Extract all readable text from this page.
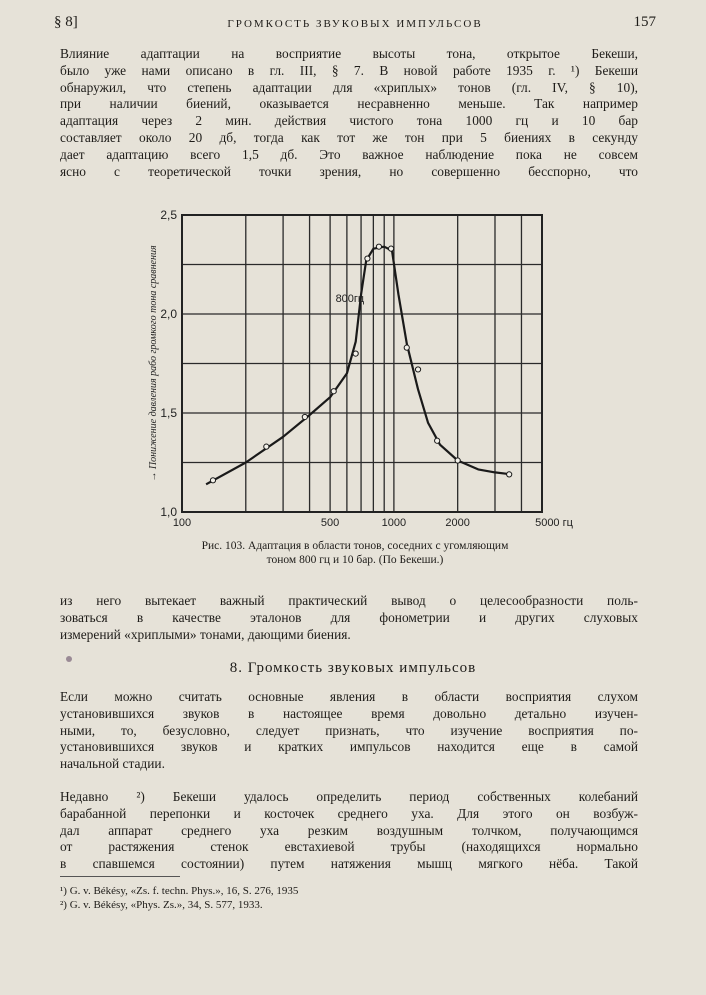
§ 8]	ГРОМКОСТЬ ЗВУКОВЫХ ИМПУЛЬСОВ	157
Влияние адаптации на восприятие высоты тона, открытое Бекеши,
было уже нами описано в гл. III, § 7. В новой работе 1935 г. ¹) Бекеши
обнаружил, что степень адаптации для «хриплых» тонов (гл. IV, § 10),
при наличии биений, оказывается несравненно меньше. Так например
адаптация через 2 мин. действия чистого тона 1000 гц и 10 бар
составляет около 20 дб, тогда как тот же тон при 5 биениях в секунду
дает адаптацию всего 1,5 дб. Это важное наблюдение пока не совсем
ясно с теоретической точки зрения, но совершенно бесспорно, что
1,0
1,5
2,0
2,5
100	500	1000	2000	5000 гц
→ Понижение давления рабо громкого тона сравнения	800гц
Рис. 103. Адаптация в области тонов, соседних с угомляющим
тоном 800 гц и 10 бар. (По Бекеши.)
из него вытекает важный практический вывод о целесообразности поль-
зоваться в качестве эталонов для фонометрии и других слуховых
измерений «хриплыми» тонами, дающими биения.
8. Громкость звуковых импульсов
Если можно считать основные явления в области восприятия слухом
установившихся звуков в настоящее время довольно детально изучен-
ными, то, безусловно, следует признать, что изучение восприятия по-
установившихся звуков и кратких импульсов находится еще в самой
начальной стадии.
Недавно ²) Бекеши удалось определить период собственных колебаний
барабанной перепонки и косточек среднего уха. Для этого он возбуж-
дал аппарат среднего уха резким воздушным толчком, получающимся
от растяжения стенок евстахиевой трубы (находящихся нормально
в спавшемся состоянии) путем натяжения мышц мягкого нёба. Такой
¹) G. v. Békésy, «Zs. f. techn. Phys.», 16, S. 276, 1935
²) G. v. Békésy, «Phys. Zs.», 34, S. 577, 1933.
